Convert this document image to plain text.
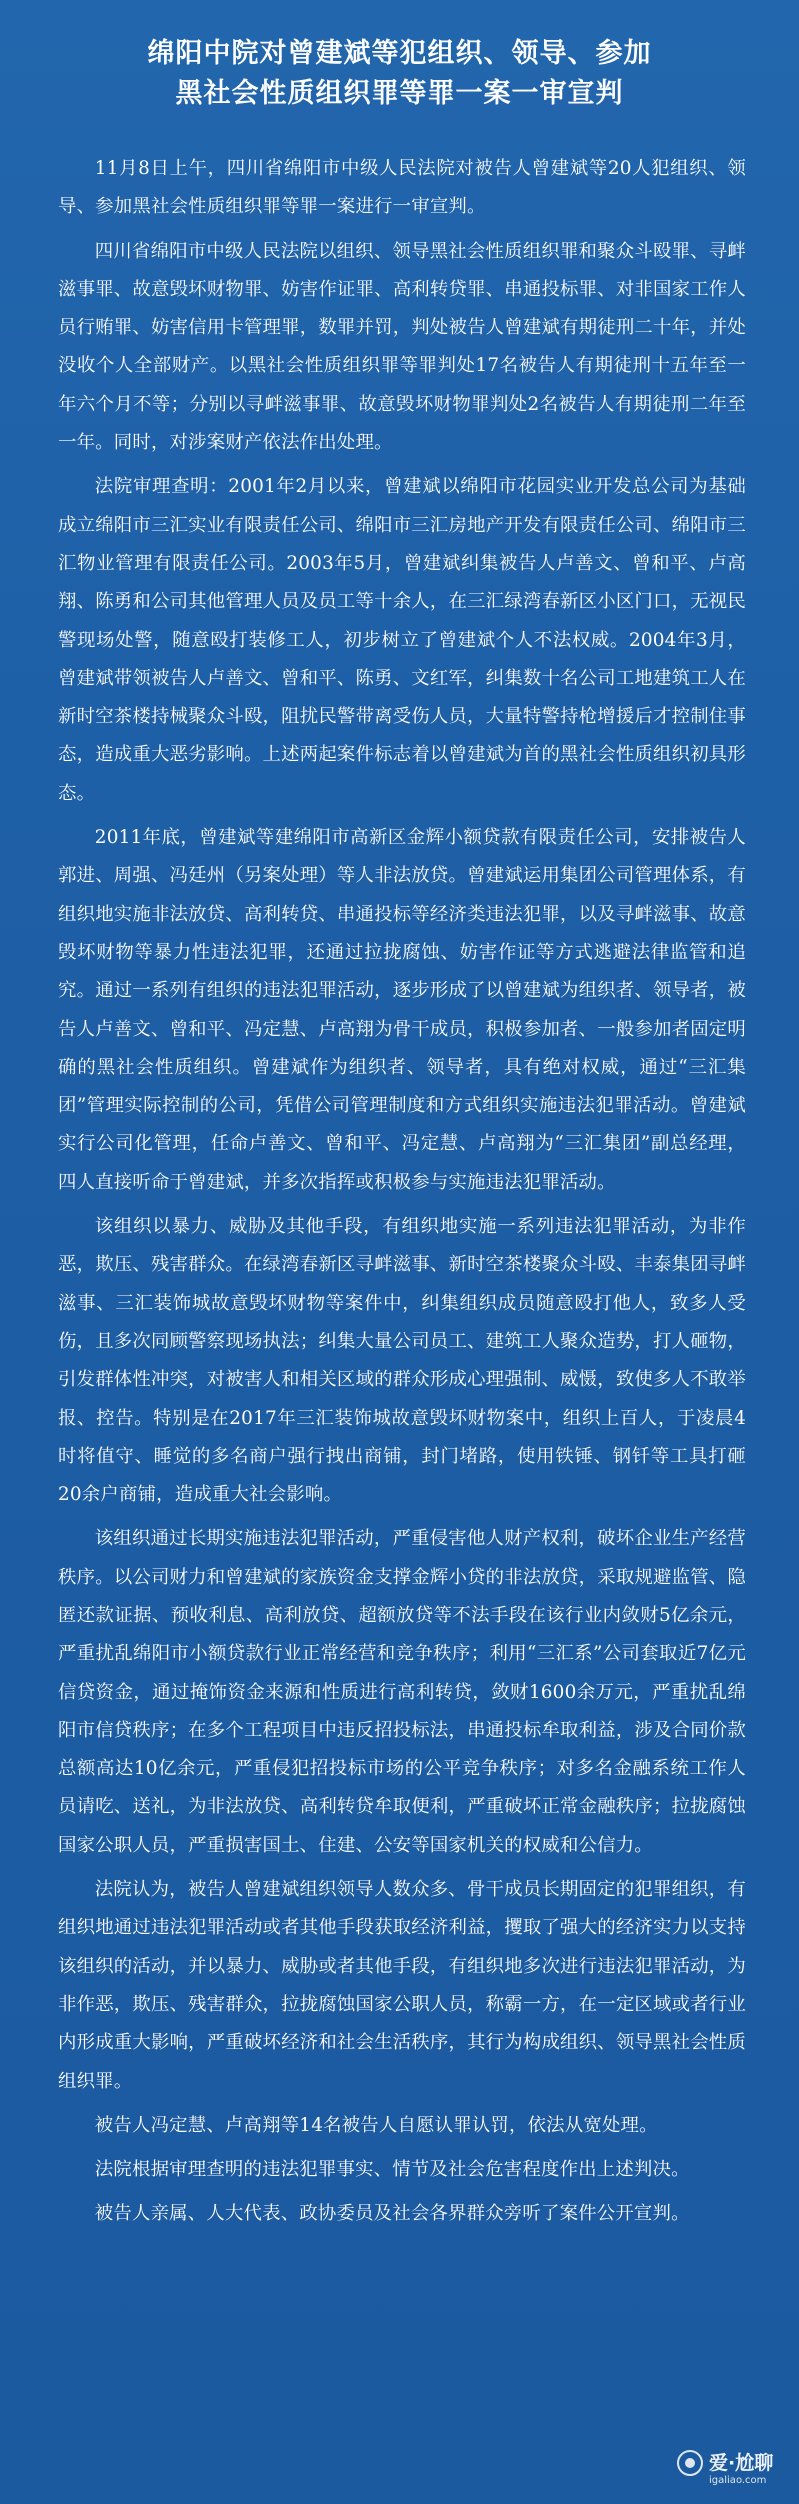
绵阳中院对曾建斌等犯组织、领导、参加
黑社会性质组织罪等罪一案一审宣判

11月8日上午，四川省绵阳市中级人民法院对被告人曾建斌等20人犯组织、领导、参加黑社会性质组织罪等罪一案进行一审宣判。

四川省绵阳市中级人民法院以组织、领导黑社会性质组织罪和聚众斗殴罪、寻衅滋事罪、故意毁坏财物罪、妨害作证罪、高利转贷罪、串通投标罪、对非国家工作人员行贿罪、妨害信用卡管理罪，数罪并罚，判处被告人曾建斌有期徒刑二十年，并处没收个人全部财产。以黑社会性质组织罪等罪判处17名被告人有期徒刑十五年至一年六个月不等；分别以寻衅滋事罪、故意毁坏财物罪判处2名被告人有期徒刑二年至一年。同时，对涉案财产依法作出处理。

法院审理查明：2001年2月以来，曾建斌以绵阳市花园实业开发总公司为基础成立绵阳市三汇实业有限责任公司、绵阳市三汇房地产开发有限责任公司、绵阳市三汇物业管理有限责任公司。2003年5月，曾建斌纠集被告人卢善文、曾和平、卢高翔、陈勇和公司其他管理人员及员工等十余人，在三汇绿湾春新区小区门口，无视民警现场处警，随意殴打装修工人，初步树立了曾建斌个人不法权威。2004年3月，曾建斌带领被告人卢善文、曾和平、陈勇、文红军，纠集数十名公司工地建筑工人在新时空茶楼持械聚众斗殴，阻扰民警带离受伤人员，大量特警持枪增援后才控制住事态，造成重大恶劣影响。上述两起案件标志着以曾建斌为首的黑社会性质组织初具形态。

2011年底，曾建斌等建绵阳市高新区金辉小额贷款有限责任公司，安排被告人郭进、周强、冯廷州（另案处理）等人非法放贷。曾建斌运用集团公司管理体系，有组织地实施非法放贷、高利转贷、串通投标等经济类违法犯罪，以及寻衅滋事、故意毁坏财物等暴力性违法犯罪，还通过拉拢腐蚀、妨害作证等方式逃避法律监管和追究。通过一系列有组织的违法犯罪活动，逐步形成了以曾建斌为组织者、领导者，被告人卢善文、曾和平、冯定慧、卢高翔为骨干成员，积极参加者、一般参加者固定明确的黑社会性质组织。曾建斌作为组织者、领导者，具有绝对权威，通过“三汇集团”管理实际控制的公司，凭借公司管理制度和方式组织实施违法犯罪活动。曾建斌实行公司化管理，任命卢善文、曾和平、冯定慧、卢高翔为“三汇集团”副总经理，四人直接听命于曾建斌，并多次指挥或积极参与实施违法犯罪活动。

该组织以暴力、威胁及其他手段，有组织地实施一系列违法犯罪活动，为非作恶，欺压、残害群众。在绿湾春新区寻衅滋事、新时空茶楼聚众斗殴、丰泰集团寻衅滋事、三汇装饰城故意毁坏财物等案件中，纠集组织成员随意殴打他人，致多人受伤，且多次同顾警察现场执法；纠集大量公司员工、建筑工人聚众造势，打人砸物，引发群体性冲突，对被害人和相关区域的群众形成心理强制、威慑，致使多人不敢举报、控告。特别是在2017年三汇装饰城故意毁坏财物案中，组织上百人，于凌晨4时将值守、睡觉的多名商户强行拽出商铺，封门堵路，使用铁锤、钢钎等工具打砸20余户商铺，造成重大社会影响。

该组织通过长期实施违法犯罪活动，严重侵害他人财产权利，破坏企业生产经营秩序。以公司财力和曾建斌的家族资金支撑金辉小贷的非法放贷，采取规避监管、隐匿还款证据、预收利息、高利放贷、超额放贷等不法手段在该行业内敛财5亿余元，严重扰乱绵阳市小额贷款行业正常经营和竞争秩序；利用“三汇系”公司套取近7亿元信贷资金，通过掩饰资金来源和性质进行高利转贷，敛财1600余万元，严重扰乱绵阳市信贷秩序；在多个工程项目中违反招投标法，串通投标牟取利益，涉及合同价款总额高达10亿余元，严重侵犯招投标市场的公平竞争秩序；对多名金融系统工作人员请吃、送礼，为非法放贷、高利转贷牟取便利，严重破坏正常金融秩序；拉拢腐蚀国家公职人员，严重损害国土、住建、公安等国家机关的权威和公信力。

法院认为，被告人曾建斌组织领导人数众多、骨干成员长期固定的犯罪组织，有组织地通过违法犯罪活动或者其他手段获取经济利益，攫取了强大的经济实力以支持该组织的活动，并以暴力、威胁或者其他手段，有组织地多次进行违法犯罪活动，为非作恶，欺压、残害群众，拉拢腐蚀国家公职人员，称霸一方，在一定区域或者行业内形成重大影响，严重破坏经济和社会生活秩序，其行为构成组织、领导黑社会性质组织罪。

被告人冯定慧、卢高翔等14名被告人自愿认罪认罚，依法从宽处理。

法院根据审理查明的违法犯罪事实、情节及社会危害程度作出上述判决。

被告人亲属、人大代表、政协委员及社会各界群众旁听了案件公开宣判。

爱·尬聊
igaliao.com
